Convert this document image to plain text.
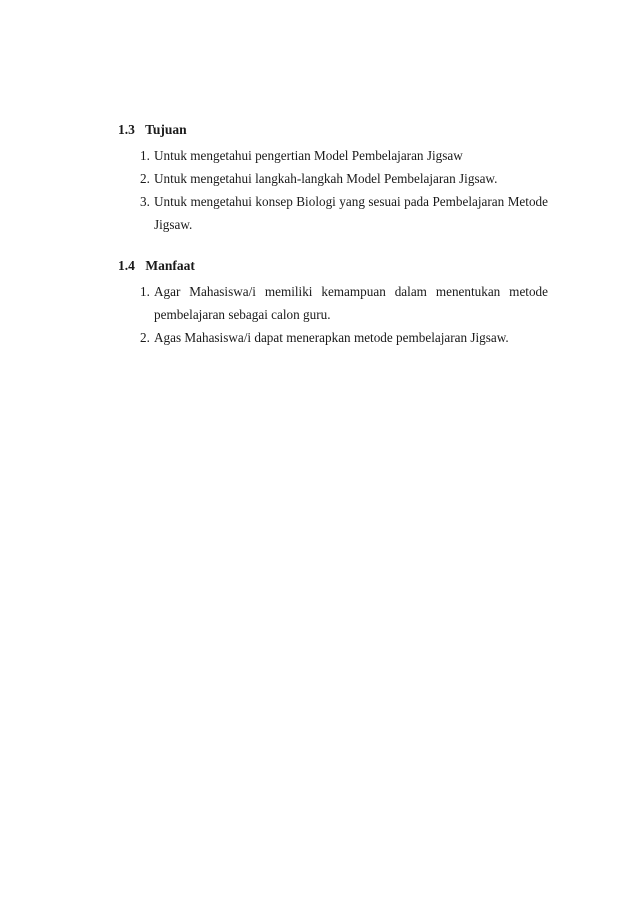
1.3 Tujuan
1. Untuk mengetahui pengertian Model Pembelajaran Jigsaw
2. Untuk mengetahui langkah-langkah Model Pembelajaran Jigsaw.
3. Untuk mengetahui konsep Biologi yang sesuai pada Pembelajaran Metode
Jigsaw.
1.4 Manfaat
1. Agar Mahasiswa/i memiliki kemampuan dalam menentukan metode
pembelajaran sebagai calon guru.
2. Agas Mahasiswa/i dapat menerapkan metode pembelajaran Jigsaw.
